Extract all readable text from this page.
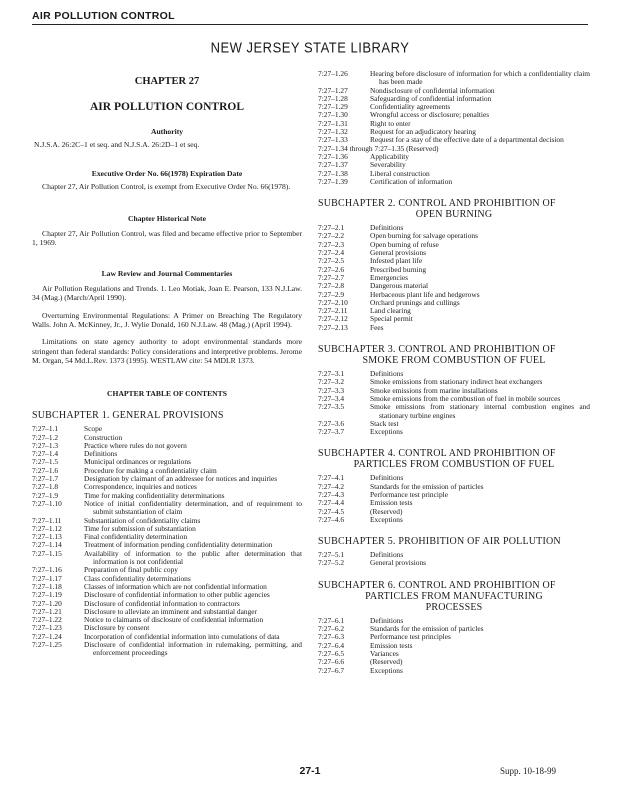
AIR POLLUTION CONTROL
NEW JERSEY STATE LIBRARY
CHAPTER 27
AIR POLLUTION CONTROL
Authority
N.J.S.A. 26:2C–1 et seq. and N.J.S.A. 26:2D–1 et seq.
Executive Order No. 66(1978) Expiration Date
Chapter 27, Air Pollution Control, is exempt from Executive Order No. 66(1978).
Chapter Historical Note
Chapter 27, Air Pollution Control, was filed and became effective prior to September 1, 1969.
Law Review and Journal Commentaries
Air Pollution Regulations and Trends. 1. Leo Motiak, Joan E. Pearson, 133 N.J.Law. 34 (Mag.) (March/April 1990).
Overturning Environmental Regulations: A Primer on Breaching The Regulatory Walls. John A. McKinney, Jr., J. Wylie Donald, 160 N.J.Law. 48 (Mag.) (April 1994).
Limitations on state agency authority to adopt environmental standards more stringent than federal standards: Policy considerations and interpretive problems. Jerome M. Organ, 54 Md.L.Rev. 1373 (1995). WESTLAW cite: 54 MDLR 1373.
CHAPTER TABLE OF CONTENTS
SUBCHAPTER 1. GENERAL PROVISIONS
7:27–1.1	Scope
7:27–1.2	Construction
7:27–1.3	Practice where rules do not govern
7:27–1.4	Definitions
7:27–1.5	Municipal ordinances or regulations
7:27–1.6	Procedure for making a confidentiality claim
7:27–1.7	Designation by claimant of an addressee for notices and inquiries
7:27–1.8	Correspondence, inquiries and notices
7:27–1.9	Time for making confidentiality determinations
7:27–1.10	Notice of initial confidentiality determination, and of requirement to submit substantiation of claim
7:27–1.11	Substantiation of confidentiality claims
7:27–1.12	Time for submission of substantiation
7:27–1.13	Final confidentiality determination
7:27–1.14	Treatment of information pending confidentiality determination
7:27–1.15	Availability of information to the public after determination that information is not confidential
7:27–1.16	Preparation of final public copy
7:27–1.17	Class confidentiality determinations
7:27–1.18	Classes of information which are not confidential information
7:27–1.19	Disclosure of confidential information to other public agencies
7:27–1.20	Disclosure of confidential information to contractors
7:27–1.21	Disclosure to alleviate an imminent and substantial danger
7:27–1.22	Notice to claimants of disclosure of confidential information
7:27–1.23	Disclosure by consent
7:27–1.24	Incorporation of confidential information into cumulations of data
7:27–1.25	Disclosure of confidential information in rulemaking, permitting, and enforcement proceedings
7:27–1.26	Hearing before disclosure of information for which a confidentiality claim has been made
7:27–1.27	Nondisclosure of confidential information
7:27–1.28	Safeguarding of confidential information
7:27–1.29	Confidentiality agreements
7:27–1.30	Wrongful access or disclosure; penalties
7:27–1.31	Right to enter
7:27–1.32	Request for an adjudicatory hearing
7:27–1.33	Request for a stay of the effective date of a departmental decision
7:27–1.34 through 7:27–1.35 (Reserved)
7:27–1.36	Applicability
7:27–1.37	Severability
7:27–1.38	Liberal construction
7:27–1.39	Certification of information
SUBCHAPTER 2. CONTROL AND PROHIBITION OF
OPEN BURNING
7:27–2.1	Definitions
7:27–2.2	Open burning for salvage operations
7:27–2.3	Open burning of refuse
7:27–2.4	General provisions
7:27–2.5	Infested plant life
7:27–2.6	Prescribed burning
7:27–2.7	Emergencies
7:27–2.8	Dangerous material
7:27–2.9	Herbaceous plant life and hedgerows
7:27–2.10	Orchard prunings and cullings
7:27–2.11	Land clearing
7:27–2.12	Special permit
7:27–2.13	Fees
SUBCHAPTER 3. CONTROL AND PROHIBITION OF
SMOKE FROM COMBUSTION OF FUEL
7:27–3.1	Definitions
7:27–3.2	Smoke emissions from stationary indirect heat exchangers
7:27–3.3	Smoke emissions from marine installations
7:27–3.4	Smoke emissions from the combustion of fuel in mobile sources
7:27–3.5	Smoke emissions from stationary internal combustion engines and stationary turbine engines
7:27–3.6	Stack test
7:27–3.7	Exceptions
SUBCHAPTER 4. CONTROL AND PROHIBITION OF
PARTICLES FROM COMBUSTION OF FUEL
7:27–4.1	Definitions
7:27–4.2	Standards for the emission of particles
7:27–4.3	Performance test principle
7:27–4.4	Emission tests
7:27–4.5	(Reserved)
7:27–4.6	Exceptions
SUBCHAPTER 5. PROHIBITION OF AIR POLLUTION
7:27–5.1	Definitions
7:27–5.2	General provisions
SUBCHAPTER 6. CONTROL AND PROHIBITION OF
PARTICLES FROM MANUFACTURING
PROCESSES
7:27–6.1	Definitions
7:27–6.2	Standards for the emission of particles
7:27–6.3	Performance test principles
7:27–6.4	Emission tests
7:27–6.5	Variances
7:27–6.6	(Reserved)
7:27–6.7	Exceptions
27-1	Supp. 10-18-99
